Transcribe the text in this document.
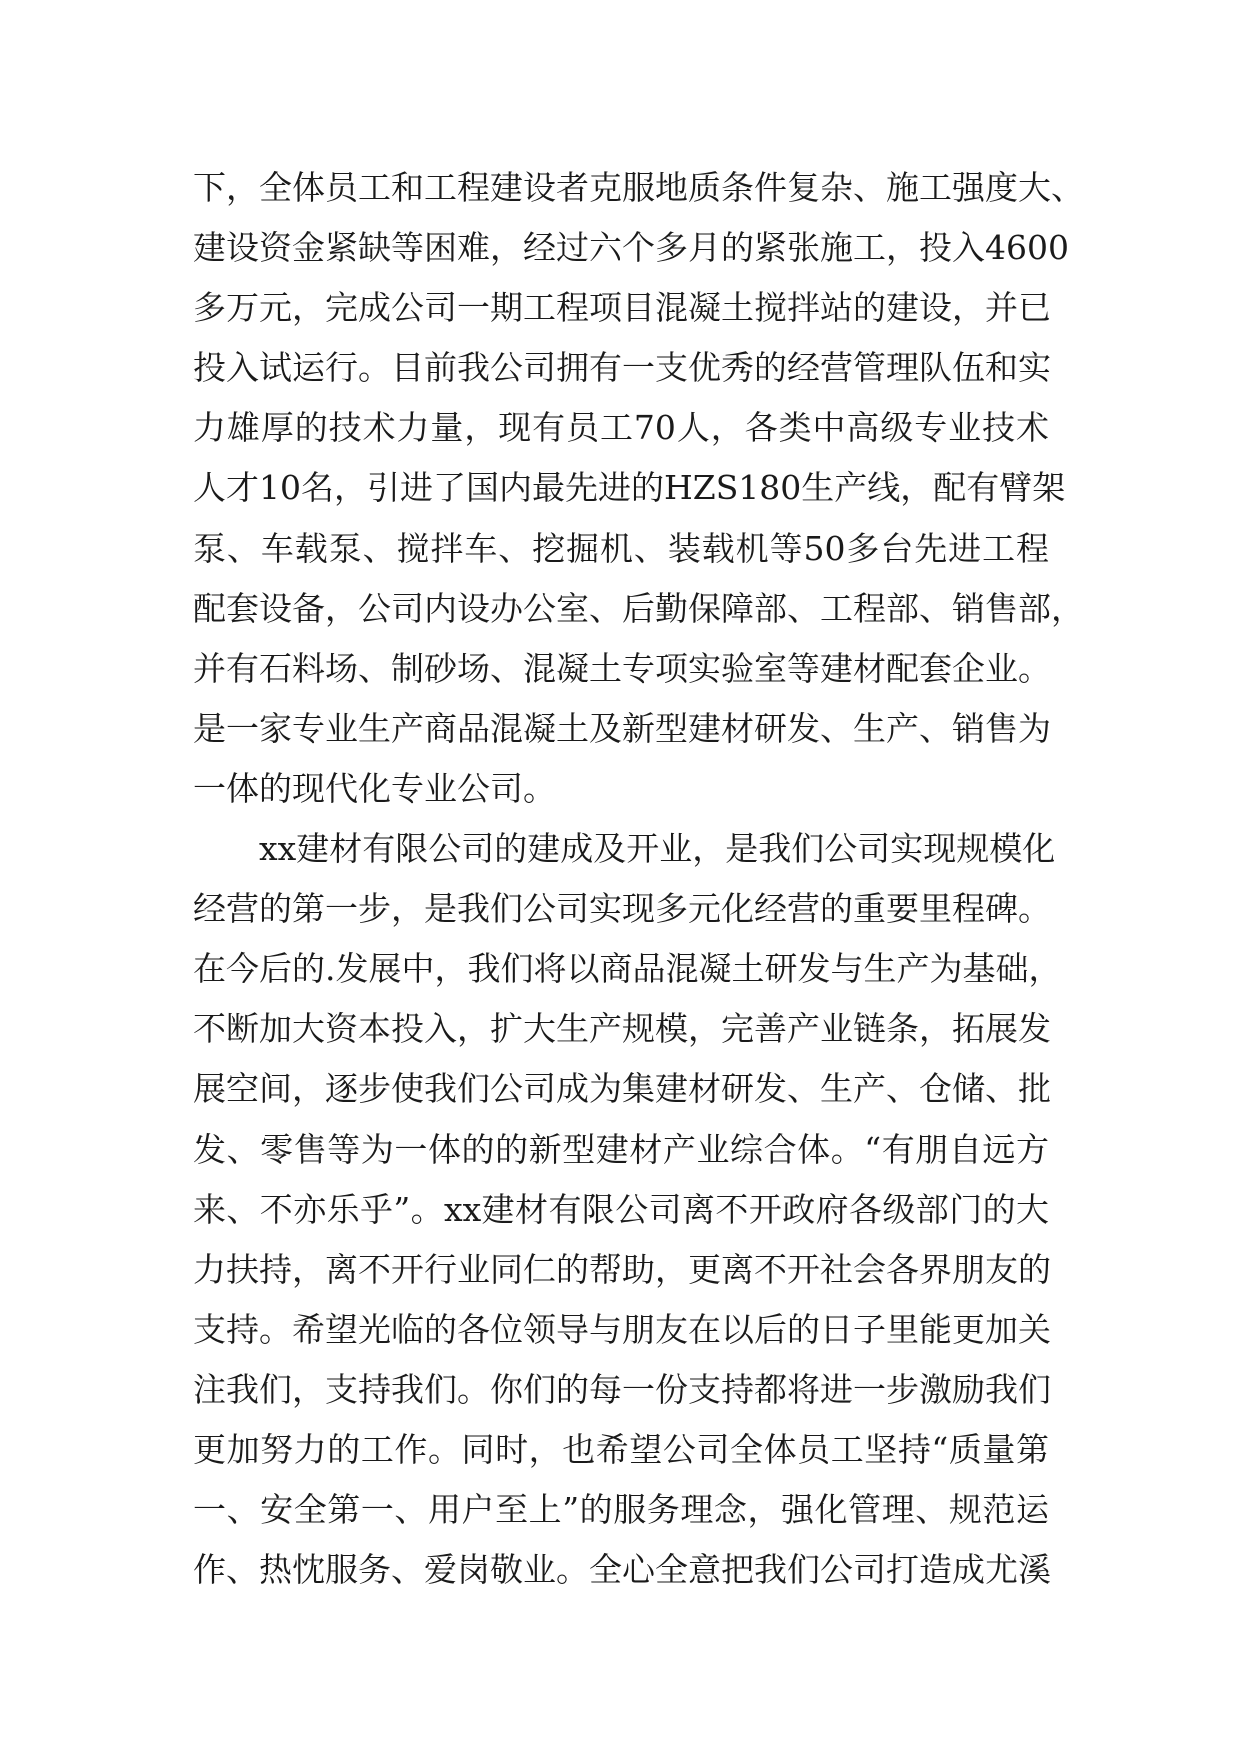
下，全体员工和工程建设者克服地质条件复杂、施工强度大、
建设资金紧缺等困难，经过六个多月的紧张施工，投入4600
多万元，完成公司一期工程项目混凝土搅拌站的建设，并已
投入试运行。目前我公司拥有一支优秀的经营管理队伍和实
力雄厚的技术力量，现有员工70人，各类中高级专业技术
人才10名，引进了国内最先进的HZS180生产线，配有臂架
泵、车载泵、搅拌车、挖掘机、装载机等50多台先进工程
配套设备，公司内设办公室、后勤保障部、工程部、销售部，
并有石料场、制砂场、混凝土专项实验室等建材配套企业。
是一家专业生产商品混凝土及新型建材研发、生产、销售为
一体的现代化专业公司。
xx建材有限公司的建成及开业，是我们公司实现规模化
经营的第一步，是我们公司实现多元化经营的重要里程碑。
在今后的.发展中，我们将以商品混凝土研发与生产为基础，
不断加大资本投入，扩大生产规模，完善产业链条，拓展发
展空间，逐步使我们公司成为集建材研发、生产、仓储、批
发、零售等为一体的的新型建材产业综合体。“有朋自远方
来、不亦乐乎”。xx建材有限公司离不开政府各级部门的大
力扶持，离不开行业同仁的帮助，更离不开社会各界朋友的
支持。希望光临的各位领导与朋友在以后的日子里能更加关
注我们，支持我们。你们的每一份支持都将进一步激励我们
更加努力的工作。同时，也希望公司全体员工坚持“质量第
一、安全第一、用户至上”的服务理念，强化管理、规范运
作、热忱服务、爱岗敬业。全心全意把我们公司打造成尤溪
